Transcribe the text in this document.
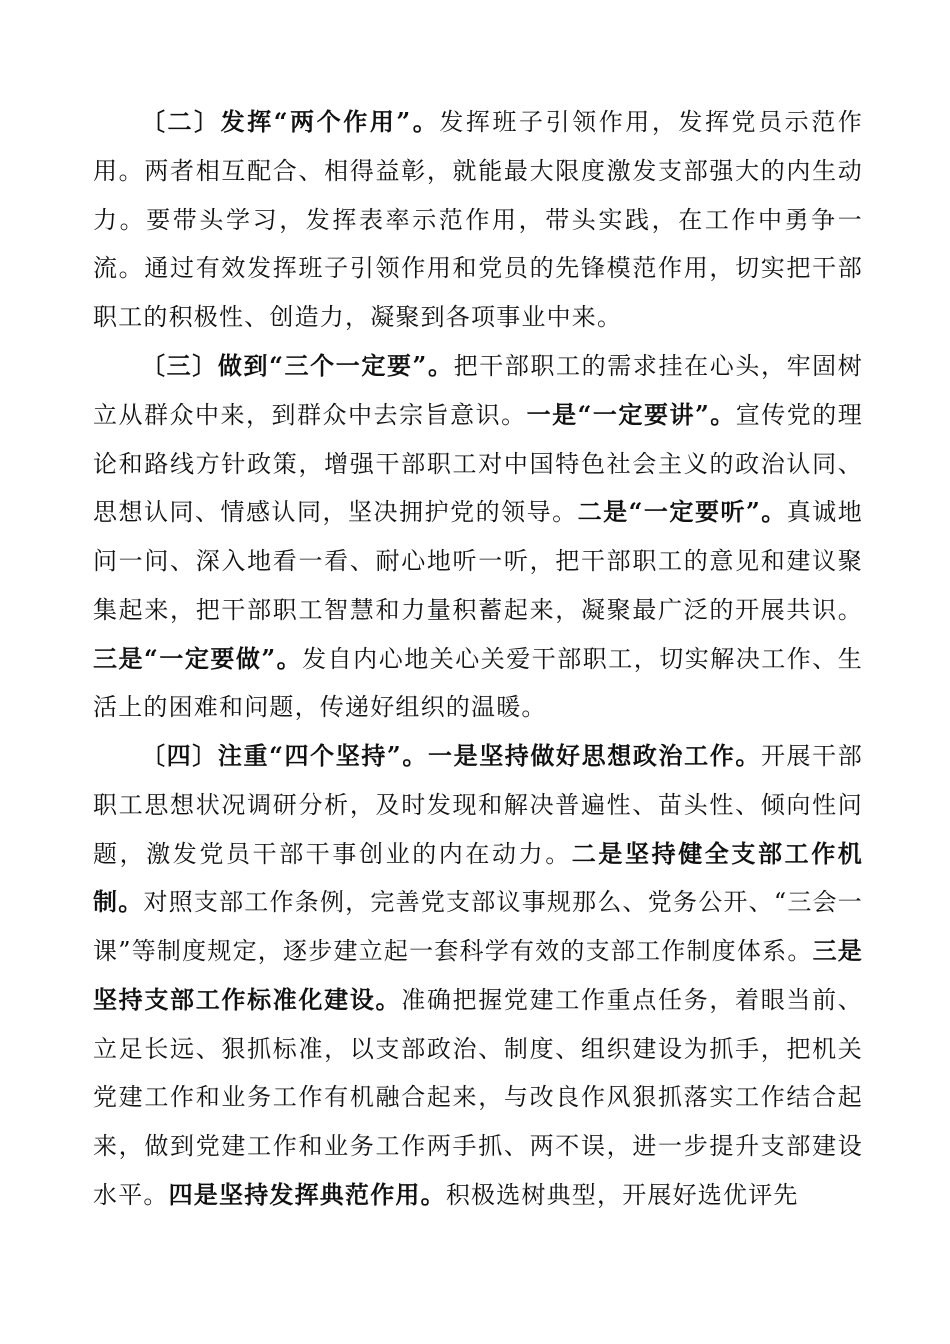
〔二〕发挥“两个作用”。发挥班子引领作用，发挥党员示范作用。两者相互配合、相得益彰，就能最大限度激发支部强大的内生动力。要带头学习，发挥表率示范作用，带头实践，在工作中勇争一流。通过有效发挥班子引领作用和党员的先锋模范作用，切实把干部职工的积极性、创造力，凝聚到各项事业中来。

〔三〕做到“三个一定要”。把干部职工的需求挂在心头，牢固树立从群众中来，到群众中去宗旨意识。一是“一定要讲”。宣传党的理论和路线方针政策，增强干部职工对中国特色社会主义的政治认同、思想认同、情感认同，坚决拥护党的领导。二是“一定要听”。真诚地问一问、深入地看一看、耐心地听一听，把干部职工的意见和建议聚集起来，把干部职工智慧和力量积蓄起来，凝聚最广泛的开展共识。三是“一定要做”。发自内心地关心关爱干部职工，切实解决工作、生活上的困难和问题，传递好组织的温暖。

〔四〕注重“四个坚持”。一是坚持做好思想政治工作。开展干部职工思想状况调研分析，及时发现和解决普遍性、苗头性、倾向性问题，激发党员干部干事创业的内在动力。二是坚持健全支部工作机制。对照支部工作条例，完善党支部议事规那么、党务公开、“三会一课”等制度规定，逐步建立起一套科学有效的支部工作制度体系。三是坚持支部工作标准化建设。准确把握党建工作重点任务，着眼当前、立足长远、狠抓标准，以支部政治、制度、组织建设为抓手，把机关党建工作和业务工作有机融合起来，与改良作风狠抓落实工作结合起来，做到党建工作和业务工作两手抓、两不误，进一步提升支部建设水平。四是坚持发挥典范作用。积极选树典型，开展好选优评先
